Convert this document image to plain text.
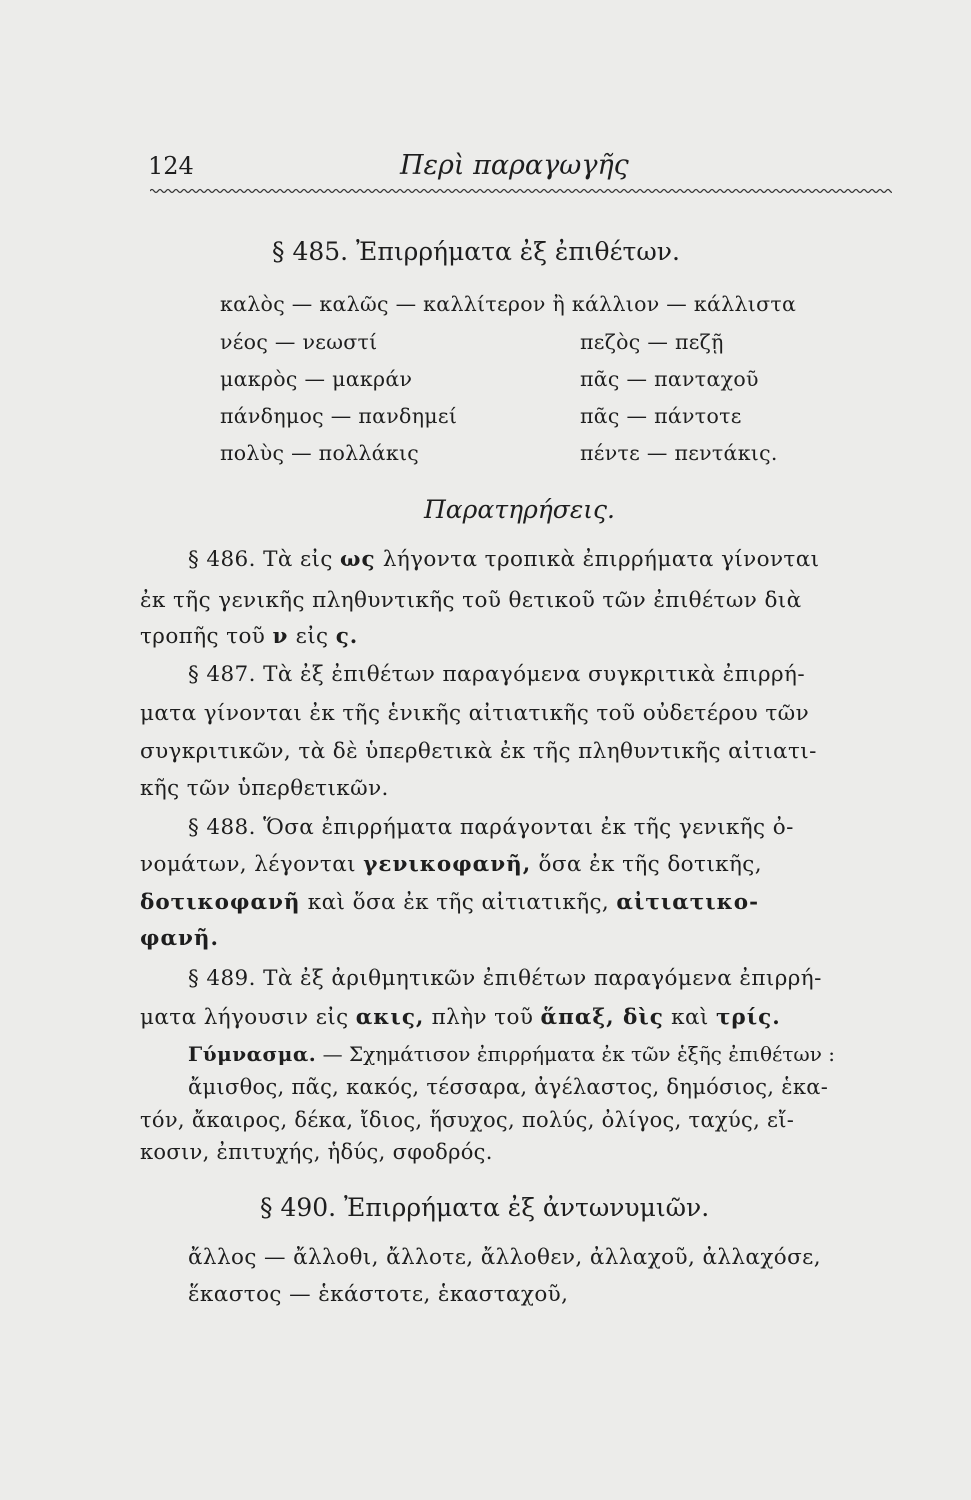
124	Περὶ παραγωγῆς
§ 485. Ἐπιρρήματα ἐξ ἐπιθέτων.
καλὸς — καλῶς — καλλίτερον ἢ κάλλιον — κάλλιστα
νέος — νεωστί
μακρὸς — μακράν
πάνδημος — πανδημεί
πολὺς — πολλάκις
πεζὸς — πεζῇ
πᾶς — πανταχοῦ
πᾶς — πάντοτε
πέντε — πεντάκις.
Παρατηρήσεις.
§ 486. Τὰ εἰς ως λήγοντα τροπικὰ ἐπιρρήματα γίνονται
ἐκ τῆς γενικῆς πληθυντικῆς τοῦ θετικοῦ τῶν ἐπιθέτων διὰ
τροπῆς τοῦ ν εἰς ς.
§ 487. Τὰ ἐξ ἐπιθέτων παραγόμενα συγκριτικὰ ἐπιρρή-
ματα γίνονται ἐκ τῆς ἑνικῆς αἰτιατικῆς τοῦ οὐδετέρου τῶν
συγκριτικῶν, τὰ δὲ ὑπερθετικὰ ἐκ τῆς πληθυντικῆς αἰτιατι-
κῆς τῶν ὑπερθετικῶν.
§ 488. Ὅσα ἐπιρρήματα παράγονται ἐκ τῆς γενικῆς ὀ-
νομάτων, λέγονται γενικοφανῆ, ὅσα ἐκ τῆς δοτικῆς,
δοτικοφανῆ καὶ ὅσα ἐκ τῆς αἰτιατικῆς, αἰτιατικο-
φανῆ.
§ 489. Τὰ ἐξ ἀριθμητικῶν ἐπιθέτων παραγόμενα ἐπιρρή-
ματα λήγουσιν εἰς ακις, πλὴν τοῦ ἅπαξ, δὶς καὶ τρίς.
Γύμνασμα. — Σχημάτισον ἐπιρρήματα ἐκ τῶν ἑξῆς ἐπιθέτων :
ἄμισθος, πᾶς, κακός, τέσσαρα, ἀγέλαστος, δημόσιος, ἑκα-
τόν, ἄκαιρος, δέκα, ἴδιος, ἥσυχος, πολύς, ὀλίγος, ταχύς, εἴ-
κοσιν, ἐπιτυχής, ἡδύς, σφοδρός.
§ 490. Ἐπιρρήματα ἐξ ἀντωνυμιῶν.
ἄλλος — ἄλλοθι, ἄλλοτε, ἄλλοθεν, ἀλλαχοῦ, ἀλλαχόσε,
ἕκαστος — ἑκάστοτε, ἑκασταχοῦ,
